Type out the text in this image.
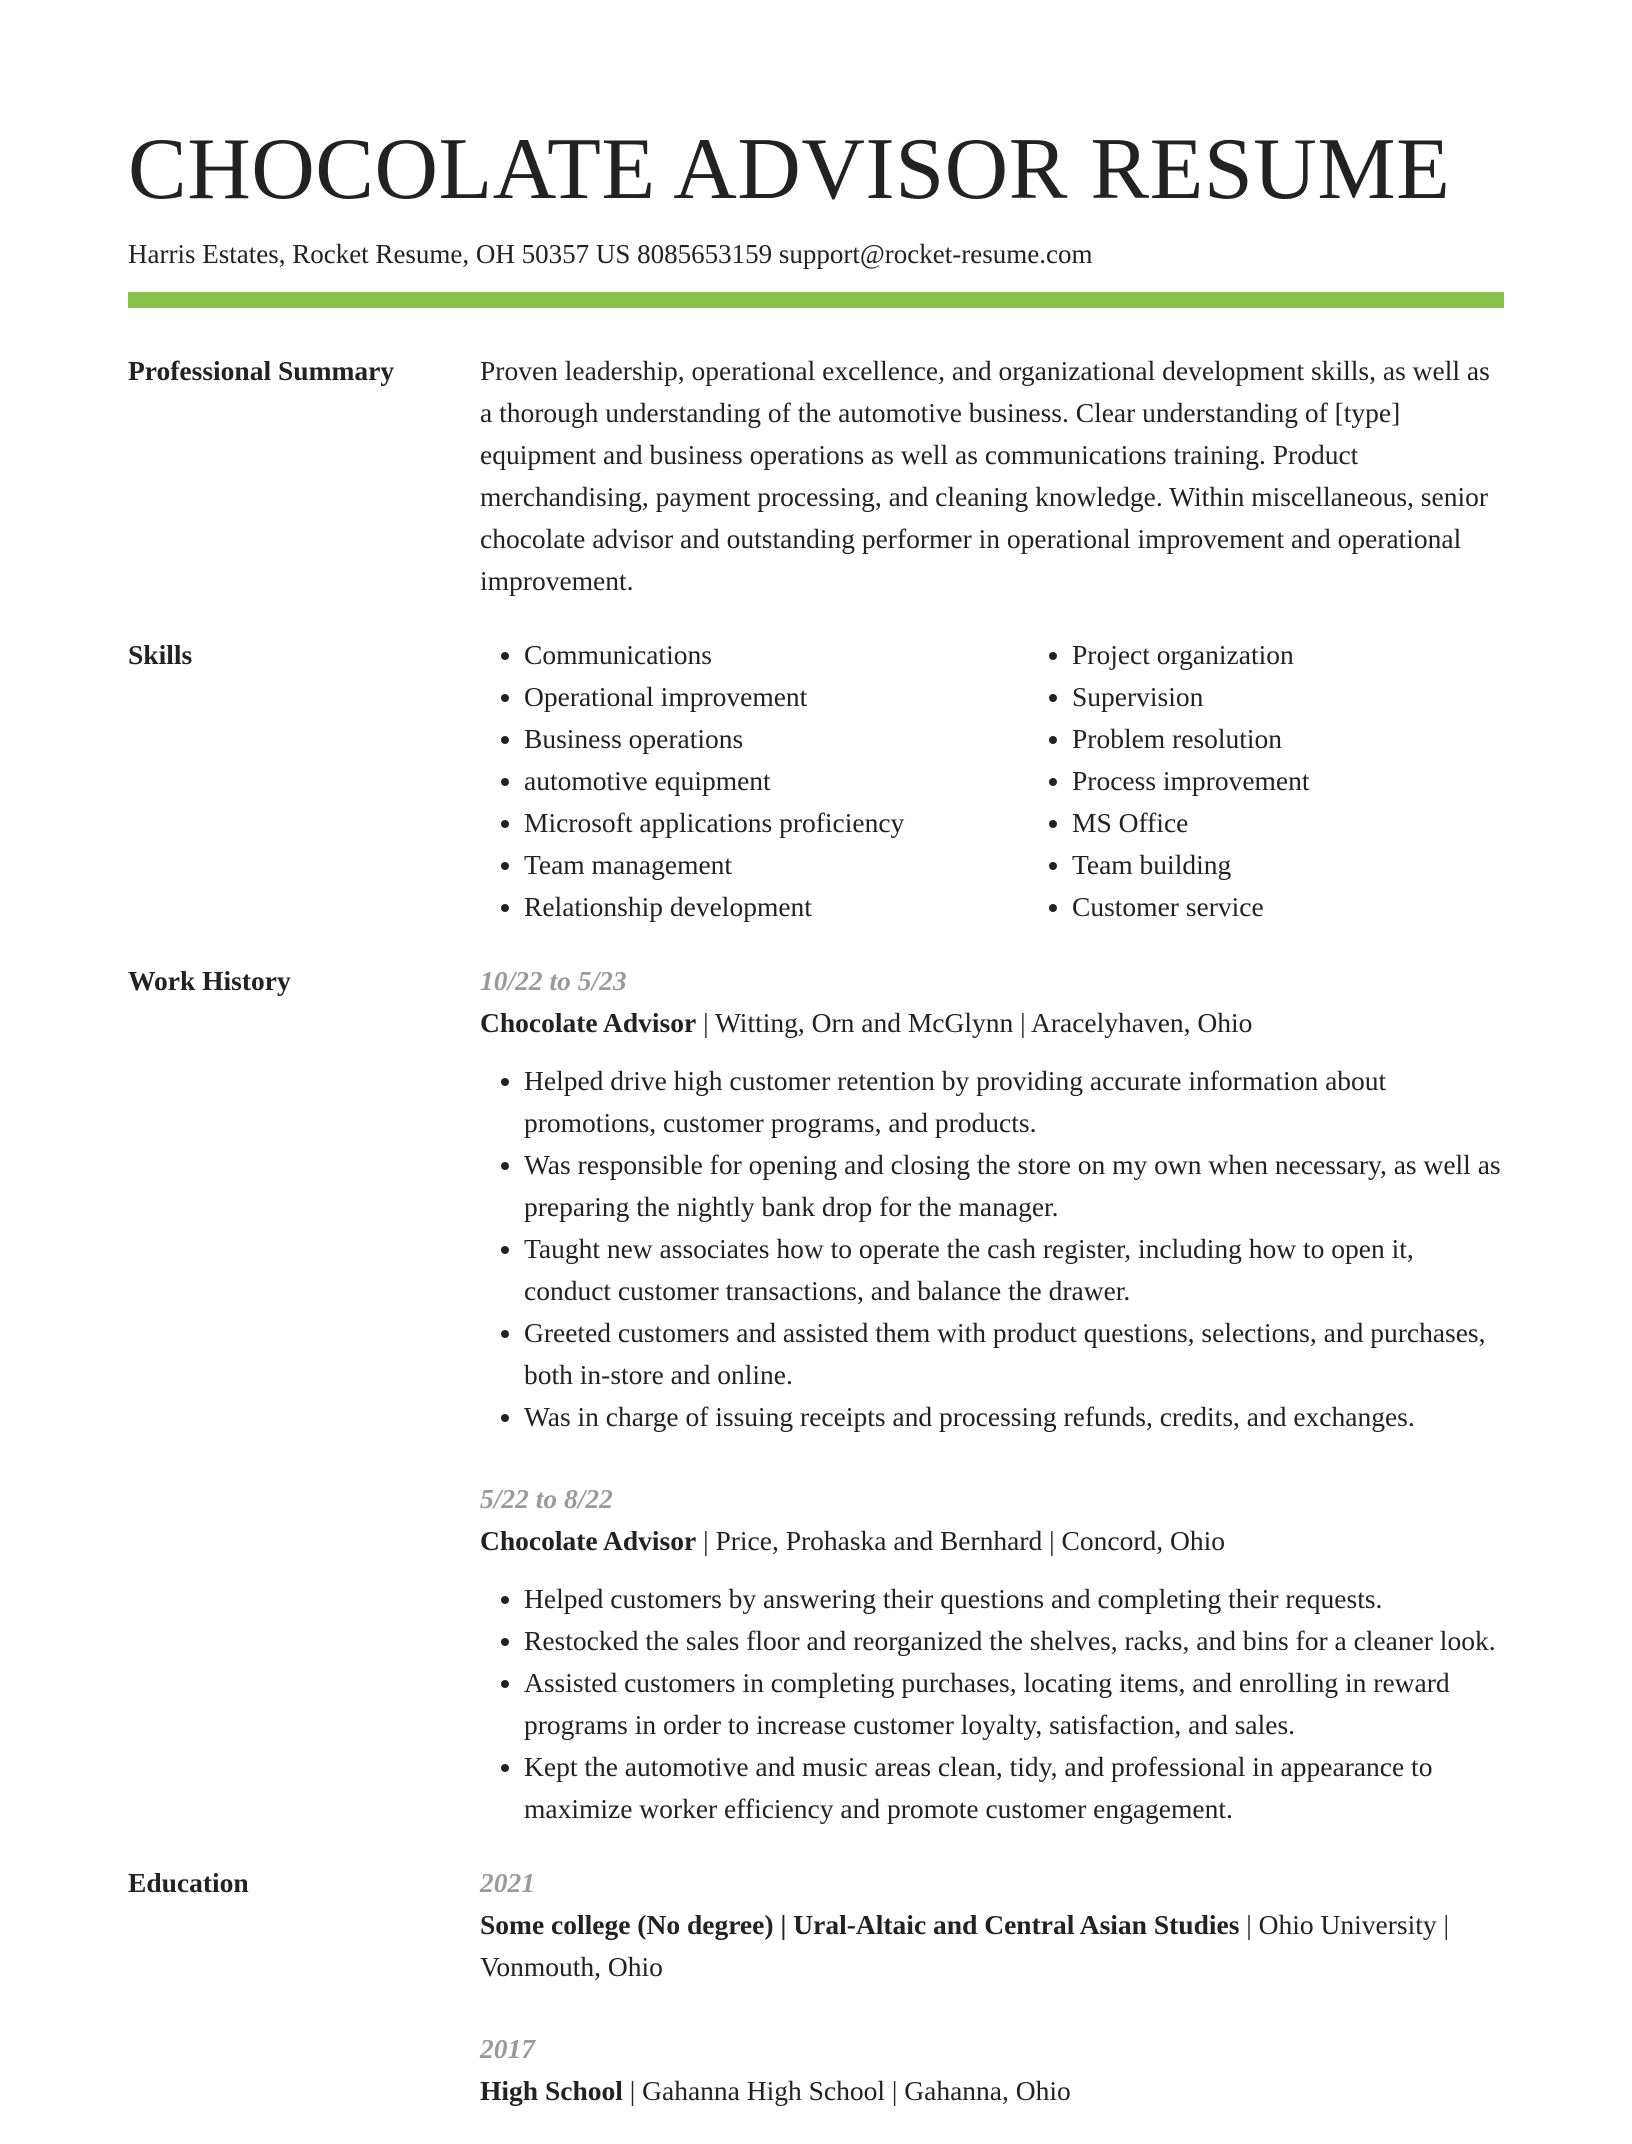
CHOCOLATE ADVISOR RESUME
Harris Estates, Rocket Resume, OH 50357 US 8085653159 support@rocket-resume.com
Professional Summary	Proven leadership, operational excellence, and organizational development skills, as well as a thorough understanding of the automotive business. Clear understanding of [type] equipment and business operations as well as communications training. Product merchandising, payment processing, and cleaning knowledge. Within miscellaneous, senior chocolate advisor and outstanding performer in operational improvement and operational improvement.

Skills
•	Communications
• Operational improvement
• Business operations
• automotive equipment
• Microsoft applications proficiency
• Team management
• Relationship development
• Project organization
• Supervision
• Problem resolution
• Process improvement
• MS Office
• Team building
• Customer service
Work History	10/22 to 5/23
Chocolate Advisor | Witting, Orn and McGlynn | Aracelyhaven, Ohio
• Helped drive high customer retention by providing accurate information about promotions, customer programs, and products.
• Was responsible for opening and closing the store on my own when necessary, as well as preparing the nightly bank drop for the manager.
• Taught new associates how to operate the cash register, including how to open it, conduct customer transactions, and balance the drawer.
• Greeted customers and assisted them with product questions, selections, and purchases, both in-store and online.
• Was in charge of issuing receipts and processing refunds, credits, and exchanges.
5/22 to 8/22
Chocolate Advisor | Price, Prohaska and Bernhard | Concord, Ohio
• Helped customers by answering their questions and completing their requests.
• Restocked the sales floor and reorganized the shelves, racks, and bins for a cleaner look.
• Assisted customers in completing purchases, locating items, and enrolling in reward programs in order to increase customer loyalty, satisfaction, and sales.
• Kept the automotive and music areas clean, tidy, and professional in appearance to maximize worker efficiency and promote customer engagement.
Education	2021
Some college (No degree) | Ural-Altaic and Central Asian Studies | Ohio University | Vonmouth, Ohio
2017
High School | Gahanna High School | Gahanna, Ohio
